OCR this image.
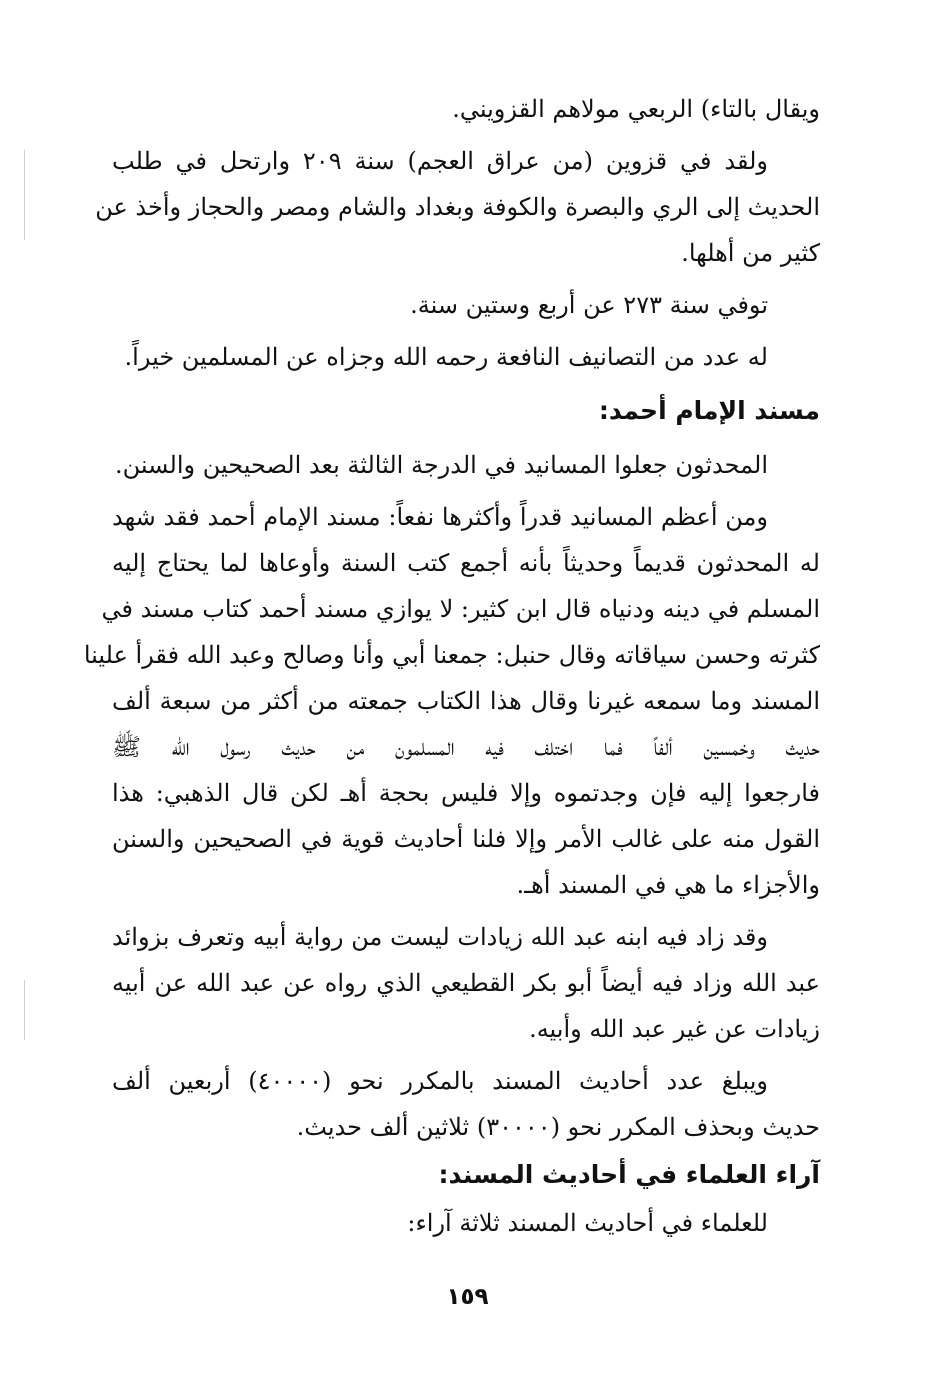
ويقال بالتاء) الربعي مولاهم القزويني.
ولقد في قزوين (من عراق العجم) سنة ٢٠٩ وارتحل في طلب
الحديث إلى الري والبصرة والكوفة وبغداد والشام ومصر والحجاز وأخذ عن
كثير من أهلها.
توفي سنة ٢٧٣ عن أربع وستين سنة.
له عدد من التصانيف النافعة رحمه الله وجزاه عن المسلمين خيراً.
مسند الإمام أحمد:
المحدثون جعلوا المسانيد في الدرجة الثالثة بعد الصحيحين والسنن.
ومن أعظم المسانيد قدراً وأكثرها نفعاً: مسند الإمام أحمد فقد شهد
له المحدثون قديماً وحديثاً بأنه أجمع كتب السنة وأوعاها لما يحتاج إليه
المسلم في دينه ودنياه قال ابن كثير: لا يوازي مسند أحمد كتاب مسند في
كثرته وحسن سياقاته وقال حنبل: جمعنا أبي وأنا وصالح وعبد الله فقرأ علينا
المسند وما سمعه غيرنا وقال هذا الكتاب جمعته من أكثر من سبعة ألف
حديث وخمسين ألفاً فما اختلف فيه المسلمون من حديث رسول الله ﷺ
فارجعوا إليه فإن وجدتموه وإلا فليس بحجة أهـ لكن قال الذهبي: هذا
القول منه على غالب الأمر وإلا فلنا أحاديث قوية في الصحيحين والسنن
والأجزاء ما هي في المسند أهـ.
وقد زاد فيه ابنه عبد الله زيادات ليست من رواية أبيه وتعرف بزوائد
عبد الله وزاد فيه أيضاً أبو بكر القطيعي الذي رواه عن عبد الله عن أبيه
زيادات عن غير عبد الله وأبيه.
ويبلغ عدد أحاديث المسند بالمكرر نحو (٤٠٠٠٠) أربعين ألف
حديث وبحذف المكرر نحو (٣٠٠٠٠) ثلاثين ألف حديث.
آراء العلماء في أحاديث المسند:
للعلماء في أحاديث المسند ثلاثة آراء:
١٥٩
